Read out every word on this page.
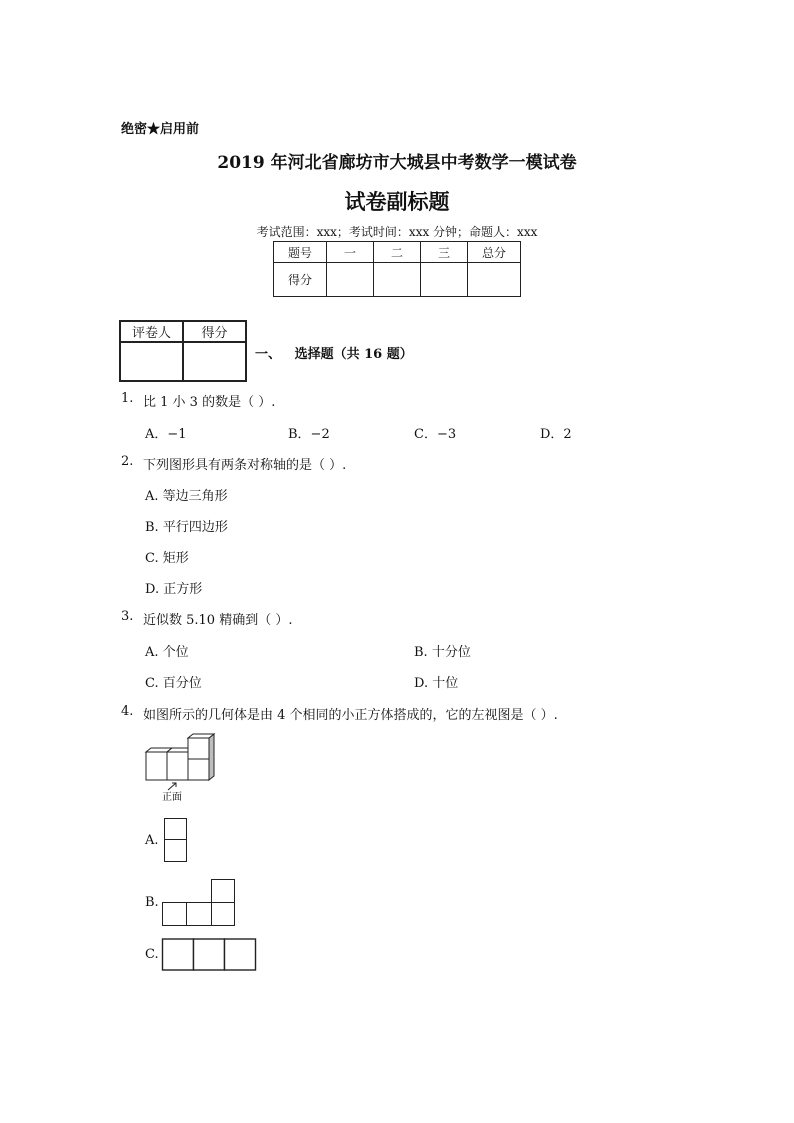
绝密★启用前
2019 年河北省廊坊市大城县中考数学一模试卷
试卷副标题
考试范围：xxx；考试时间：xxx 分钟；命题人：xxx
题号	一	二	三	总分
得分				
评卷人	得分

一、 选择题（共 16 题）
1. 比 1 小 3 的数是（ ）.
A．−1	B．−2	C．−3	D．2
2. 下列图形具有两条对称轴的是（ ）.
A. 等边三角形
B. 平行四边形
C. 矩形
D. 正方形
3. 近似数 5.10 精确到（ ）.
A. 个位	B. 十分位
C. 百分位	D. 十位
4. 如图所示的几何体是由 4 个相同的小正方体搭成的，它的左视图是（ ）.
正面
A.
B.
C.
